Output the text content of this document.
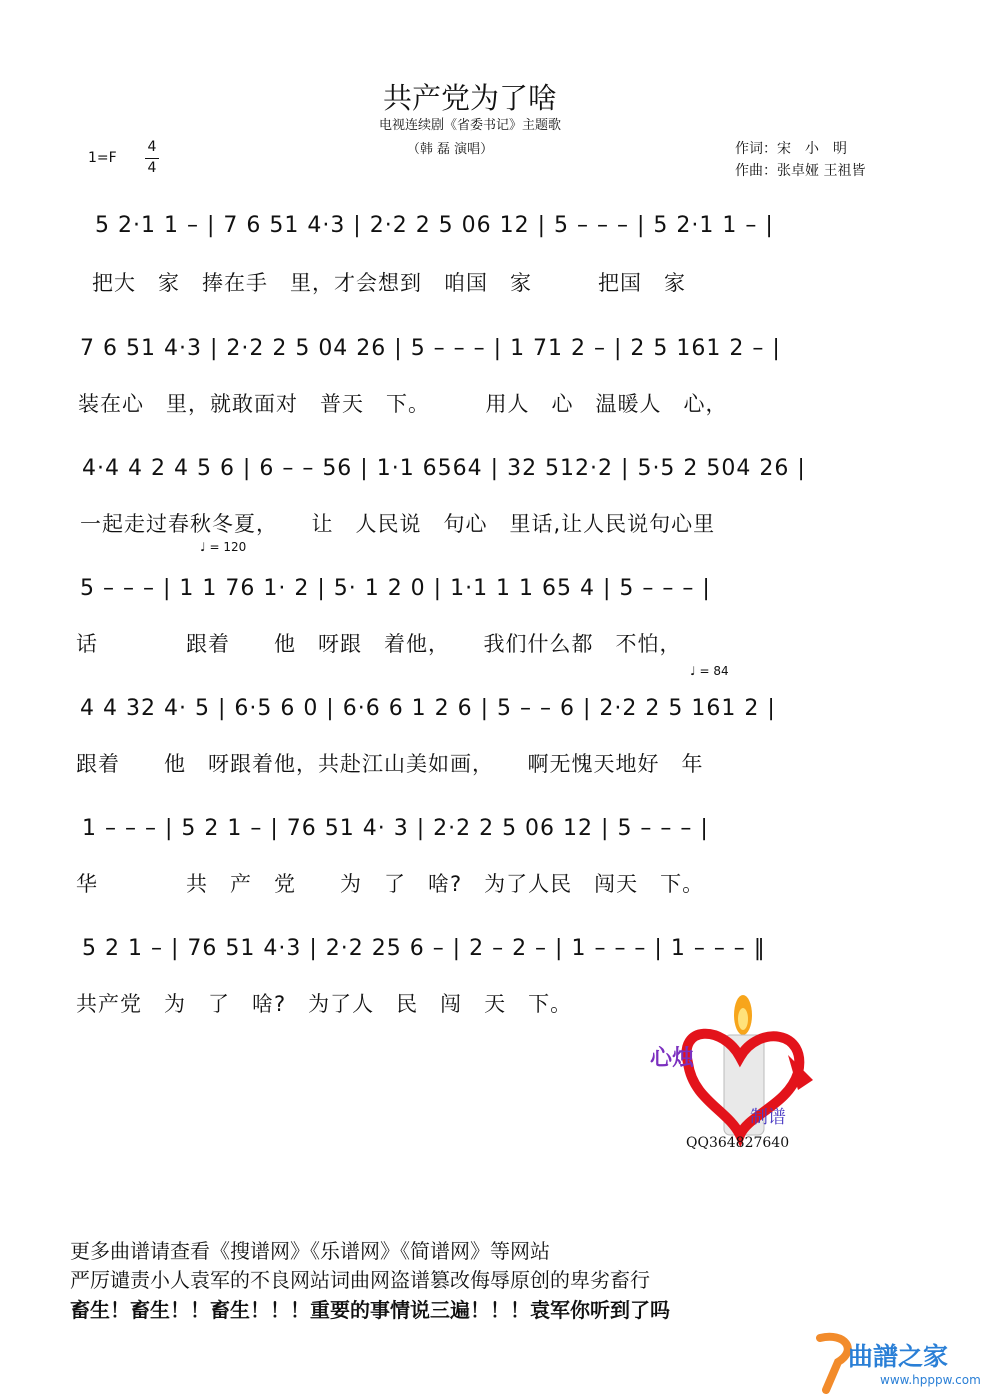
共产党为了啥
电视连续剧《省委书记》主题歌
（韩 磊 演唱）
1=F
4
4
作词：宋　小　明
作曲：张卓娅 王祖皆
5 2·1 1 – | 7 6 51 4·3 | 2·2 2 5 06 12 | 5 – – – | 5 2·1 1 – |
把大　家　捧在手　里，才会想到　咱国　家　　　把国　家
7 6 51 4·3 | 2·2 2 5 04 26 | 5 – – – | 1 71 2 – | 2 5 161 2 – |
装在心　里，就敢面对　普天　下。　　　用人　心　温暖人　心，
4·4 4 2 4 5 6 | 6 – – 56 | 1·1 6564 | 32 512·2 | 5·5 2 504 26 |
一起走过春秋冬夏，　　让　人民说　句心　里话,让人民说句心里
♩ = 120
5 – – – | 1 1 76 1· 2 | 5· 1 2 0 | 1·1 1 1 65 4 | 5 – – – |
话　　　　跟着　　他　呀跟　着他，　　我们什么都　不怕，
♩ = 84
4 4 32 4· 5 | 6·5 6 0 | 6·6 6 1 2 6 | 5 – – 6 | 2·2 2 5 161 2 |
跟着　　他　呀跟着他，共赴江山美如画，　　啊无愧天地好　年
1 – – – | 5 2 1 – | 76 51 4· 3 | 2·2 2 5 06 12 | 5 – – – |
华　　　　共　产　党　　为　了　啥?　为了人民　闯天　下。
5 2 1 – | 76 51 4·3 | 2·2 25 6 – | 2 – 2 – | 1 – – – | 1 – – – ‖
共产党　为　了　啥?　为了人　民　闯　天　下。
心烛
制谱
QQ364827640
更多曲谱请查看《搜谱网》《乐谱网》《简谱网》等网站
严厉谴责小人袁军的不良网站词曲网盗谱篡改侮辱原创的卑劣畜行
畜生！畜生！！畜生！！！重要的事情说三遍！！！袁军你听到了吗
曲譜之家
www.hpppw.com
